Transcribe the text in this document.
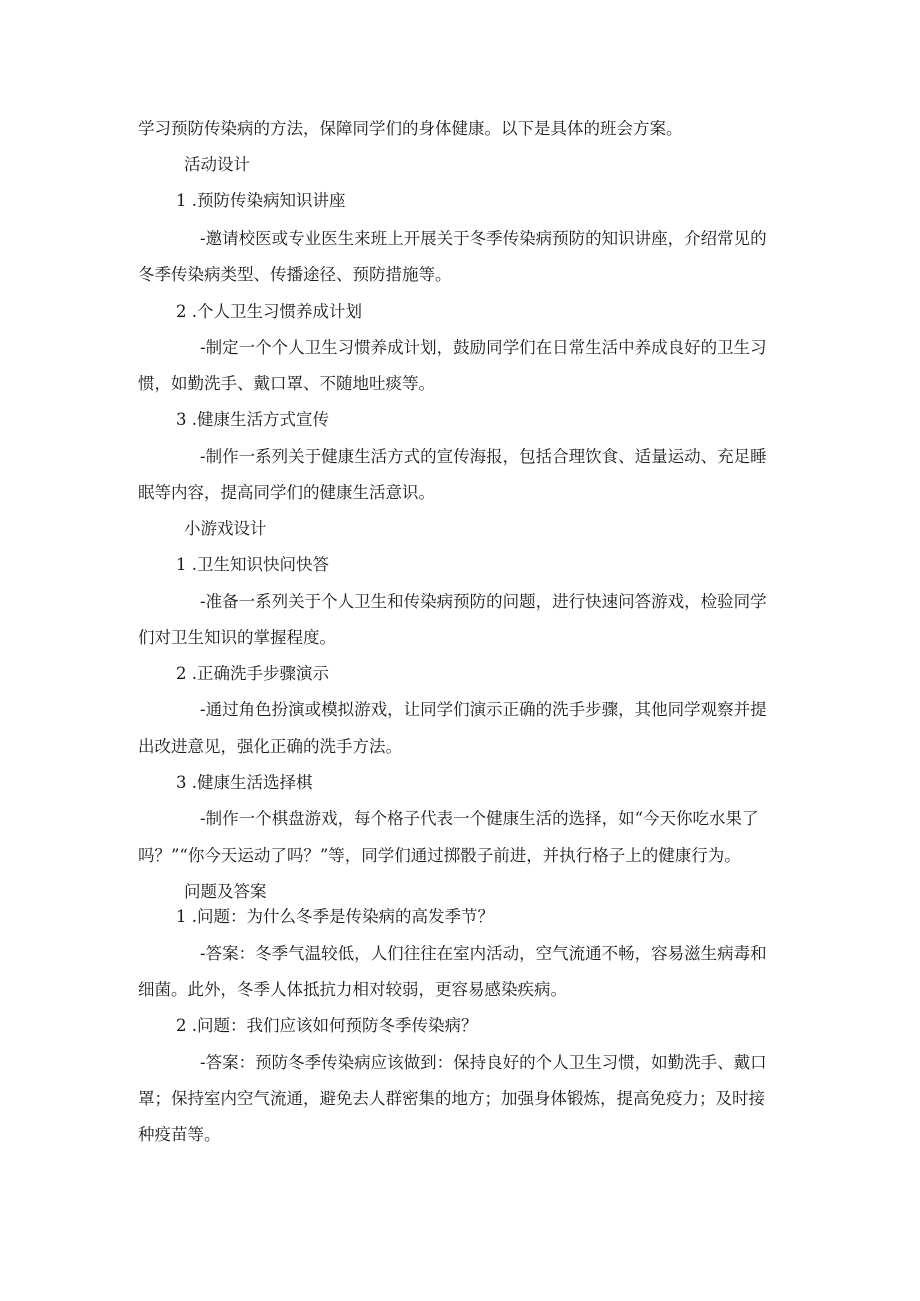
学习预防传染病的方法，保障同学们的身体健康。以下是具体的班会方案。
活动设计
1 .预防传染病知识讲座
-邀请校医或专业医生来班上开展关于冬季传染病预防的知识讲座，介绍常见的
冬季传染病类型、传播途径、预防措施等。
2 .个人卫生习惯养成计划
-制定一个个人卫生习惯养成计划，鼓励同学们在日常生活中养成良好的卫生习
惯，如勤洗手、戴口罩、不随地吐痰等。
3 .健康生活方式宣传
-制作一系列关于健康生活方式的宣传海报，包括合理饮食、适量运动、充足睡
眠等内容，提高同学们的健康生活意识。
小游戏设计
1 .卫生知识快问快答
-准备一系列关于个人卫生和传染病预防的问题，进行快速问答游戏，检验同学
们对卫生知识的掌握程度。
2 .正确洗手步骤演示
-通过角色扮演或模拟游戏，让同学们演示正确的洗手步骤，其他同学观察并提
出改进意见，强化正确的洗手方法。
3 .健康生活选择棋
-制作一个棋盘游戏，每个格子代表一个健康生活的选择，如“今天你吃水果了
吗？”“你今天运动了吗？”等，同学们通过掷骰子前进，并执行格子上的健康行为。
问题及答案
1 .问题：为什么冬季是传染病的高发季节？
-答案：冬季气温较低，人们往往在室内活动，空气流通不畅，容易滋生病毒和
细菌。此外，冬季人体抵抗力相对较弱，更容易感染疾病。
2 .问题：我们应该如何预防冬季传染病？
-答案：预防冬季传染病应该做到：保持良好的个人卫生习惯，如勤洗手、戴口
罩；保持室内空气流通，避免去人群密集的地方；加强身体锻炼，提高免疫力；及时接
种疫苗等。
